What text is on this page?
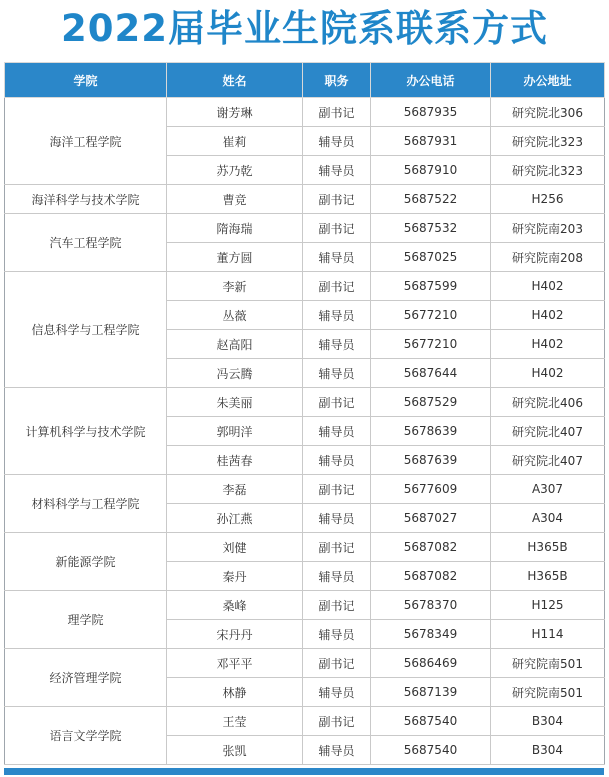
2022届毕业生院系联系方式
学院	姓名	职务	办公电话	办公地址
海洋工程学院	谢芳琳	副书记	5687935	研究院北306
	崔莉	辅导员	5687931	研究院北323
	苏乃乾	辅导员	5687910	研究院北323
海洋科学与技术学院	曹竞	副书记	5687522	H256
汽车工程学院	隋海瑞	副书记	5687532	研究院南203
	董方圆	辅导员	5687025	研究院南208
信息科学与工程学院	李新	副书记	5687599	H402
	丛薇	辅导员	5677210	H402
	赵高阳	辅导员	5677210	H402
	冯云腾	辅导员	5687644	H402
计算机科学与技术学院	朱美丽	副书记	5687529	研究院北406
	郭明洋	辅导员	5678639	研究院北407
	桂茜春	辅导员	5687639	研究院北407
材料科学与工程学院	李磊	副书记	5677609	A307
	孙江燕	辅导员	5687027	A304
新能源学院	刘健	副书记	5687082	H365B
	秦丹	辅导员	5687082	H365B
理学院	桑峰	副书记	5678370	H125
	宋丹丹	辅导员	5678349	H114
经济管理学院	邓平平	副书记	5686469	研究院南501
	林静	辅导员	5687139	研究院南501
语言文学学院	王莹	副书记	5687540	B304
	张凯	辅导员	5687540	B304
